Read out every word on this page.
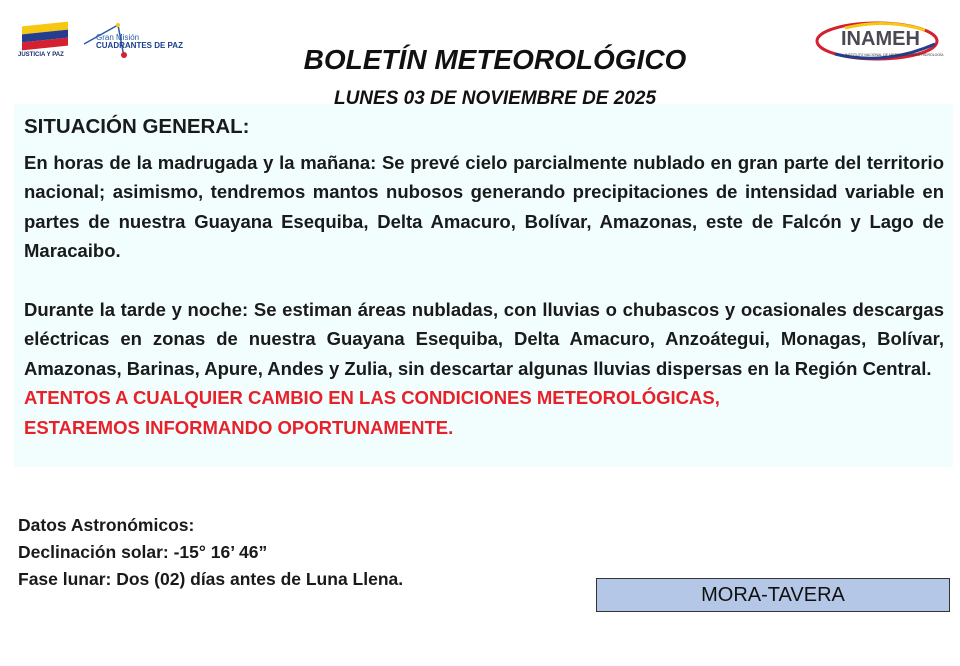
JUSTICIA Y PAZ
Gran Misión
CUADRANTES DE PAZ	INAMEH
INSTITUTO NACIONAL DE METEOROLOGÍA E HIDROLOGÍA
BOLETÍN METEOROLÓGICO
LUNES 03 DE NOVIEMBRE DE 2025
SITUACIÓN GENERAL:
En horas de la madrugada y la mañana: Se prevé cielo parcialmente nublado en gran parte del territorio nacional; asimismo, tendremos mantos nubosos generando precipitaciones de intensidad variable en partes de nuestra Guayana Esequiba, Delta Amacuro, Bolívar, Amazonas, este de Falcón y Lago de Maracaibo.
Durante la tarde y noche: Se estiman áreas nubladas, con lluvias o chubascos y ocasionales descargas eléctricas en zonas de nuestra Guayana Esequiba, Delta Amacuro, Anzoátegui, Monagas, Bolívar, Amazonas, Barinas, Apure, Andes y Zulia, sin descartar algunas lluvias dispersas en la Región Central.
ATENTOS A CUALQUIER CAMBIO EN LAS CONDICIONES METEOROLÓGICAS,
ESTAREMOS INFORMANDO OPORTUNAMENTE.
Datos Astronómicos:
Declinación solar: -15° 16’ 46”
Fase lunar: Dos (02) días antes de Luna Llena.
MORA-TAVERA
